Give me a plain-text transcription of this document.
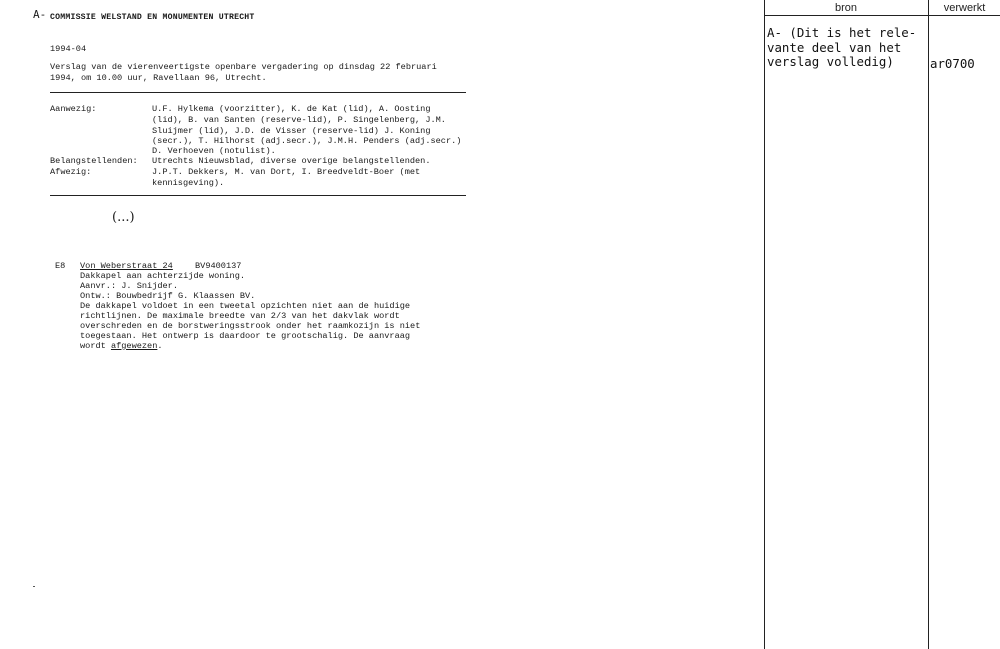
A- COMMISSIE WELSTAND EN MONUMENTEN UTRECHT
1994-04
Verslag van de vierenveertigste openbare vergadering op dinsdag 22 februari
1994, om 10.00 uur, Ravellaan 96, Utrecht.
Aanwezig:	U.F. Hylkema (voorzitter), K. de Kat (lid), A. Oosting
(lid), B. van Santen (reserve-lid), P. Singelenberg, J.M.
Sluijmer (lid), J.D. de Visser (reserve-lid) J. Koning
(secr.), T. Hilhorst (adj.secr.), J.M.H. Penders (adj.secr.)
D. Verhoeven (notulist).
Belangstellenden: Utrechts Nieuwsblad, diverse overige belangstellenden.
Afwezig:	J.P.T. Dekkers, M. van Dort, I. Breedveldt-Boer (met
kennisgeving).
(...)
E8 Von Weberstraat 24	BV9400137
Dakkapel aan achterzijde woning.
Aanvr.: J. Snijder.
Ontw.: Bouwbedrijf G. Klaassen BV.
De dakkapel voldoet in een tweetal opzichten niet aan de huidige
richtlijnen. De maximale breedte van 2/3 van het dakvlak wordt
overschreden en de borstweringsstrook onder het raamkozijn is niet
toegestaan. Het ontwerp is daardoor te grootschalig. De aanvraag
wordt afgewezen.
bron	verwerkt
A- (Dit is het rele-
vante deel van het
verslag volledig)	ar0700
